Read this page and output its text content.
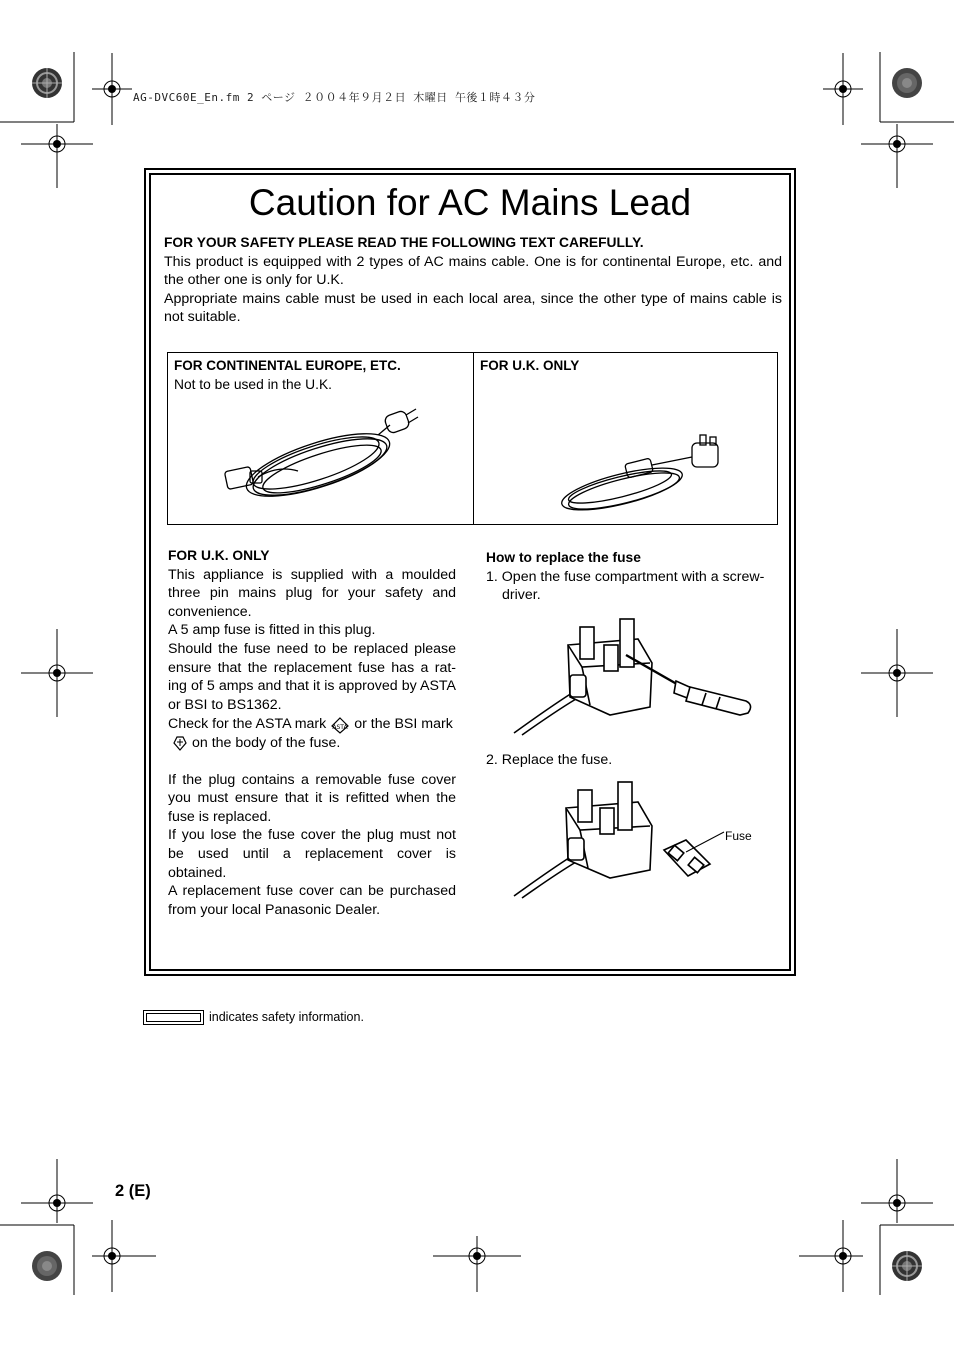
AG-DVC60E_En.fm 2 ページ ２００４年９月２日 木曜日 午後１時４３分
Caution for AC Mains Lead

FOR YOUR SAFETY PLEASE READ THE FOLLOWING TEXT CAREFULLY.

This product is equipped with 2 types of AC mains cable. One is for continental Europe, etc. and the other one is only for U.K.

Appropriate mains cable must be used in each local area, since the other type of mains cable is not suitable.

FOR CONTINENTAL EUROPE, ETC.
Not to be used in the U.K.
FOR U.K. ONLY

FOR U.K. ONLY

This appliance is supplied with a moulded three pin mains plug for your safety and convenience.

A 5 amp fuse is fitted in this plug.

Should the fuse need to be replaced please ensure that the replacement fuse has a rat-ing of 5 amps and that it is approved by ASTA or BSI to BS1362.

Check for the ASTA mark ASTA or the BSI markon the body of the fuse.

If the plug contains a removable fuse cover you must ensure that it is refitted when the fuse is replaced.

If you lose the fuse cover the plug must not be used until a replacement cover is obtained.

A replacement fuse cover can be purchased from your local Panasonic Dealer.

How to replace the fuse

1. Open the fuse compartment with a screw-driver.

2. Replace the fuse.

Fuse
indicates safety information.
2 (E)
